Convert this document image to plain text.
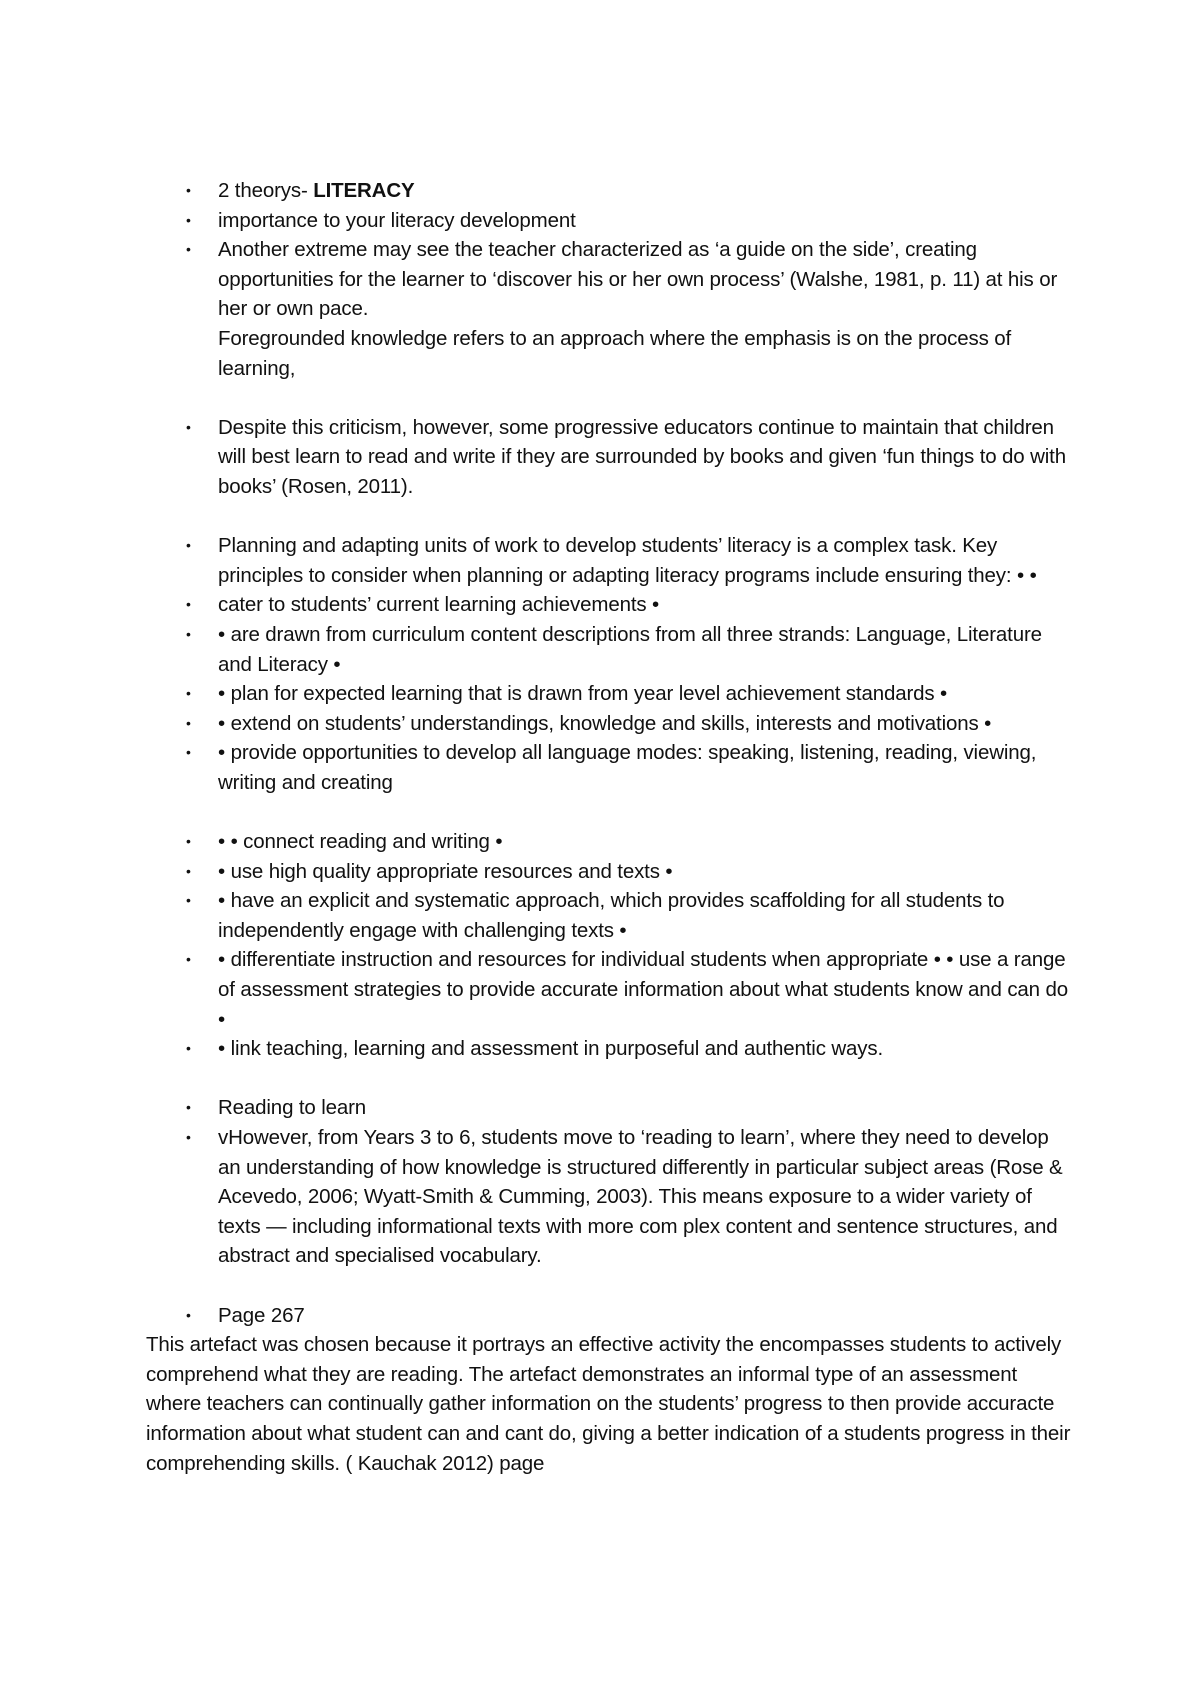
• 2 theorys- LITERACY
• importance to your literacy development
• Another extreme may see the teacher characterized as ‘a guide on the side’, creating opportunities for the learner to ‘discover his or her own process’ (Walshe, 1981, p. 11) at his or her or own pace.
Foregrounded knowledge refers to an approach where the emphasis is on the process of learning,
• Despite this criticism, however, some progressive educators continue to maintain that children will best learn to read and write if they are surrounded by books and given ‘fun things to do with books’ (Rosen, 2011).
• Planning and adapting units of work to develop students’ literacy is a complex task. Key principles to consider when planning or adapting literacy programs include ensuring they: • •
• cater to students’ current learning achievements •
• • are drawn from curriculum content descriptions from all three strands: Language, Literature and Literacy •
• • plan for expected learning that is drawn from year level achievement standards •
• • extend on students’ understandings, knowledge and skills, interests and motivations •
• • provide opportunities to develop all language modes: speaking, listening, reading, viewing, writing and creating
• • • connect reading and writing •
• • use high quality appropriate resources and texts •
• • have an explicit and systematic approach, which provides scaffolding for all students to independently engage with challenging texts •
• • differentiate instruction and resources for individual students when appropriate • • use a range of assessment strategies to provide accurate information about what students know and can do •
• • link teaching, learning and assessment in purposeful and authentic ways.
• Reading to learn
• vHowever, from Years 3 to 6, students move to ‘reading to learn’, where they need to develop an understanding of how knowledge is structured differently in particular subject areas (Rose & Acevedo, 2006; Wyatt-Smith & Cumming, 2003). This means exposure to a wider variety of texts — including informational texts with more com plex content and sentence structures, and abstract and specialised vocabulary.
• Page 267

This artefact was chosen because it portrays an effective activity the encompasses students to actively comprehend what they are reading. The artefact demonstrates an informal type of an assessment where teachers can continually gather information on the students’ progress to then provide accuracte information about what student can and cant do, giving a better indication of a students progress in their comprehending skills. ( Kauchak 2012) page
